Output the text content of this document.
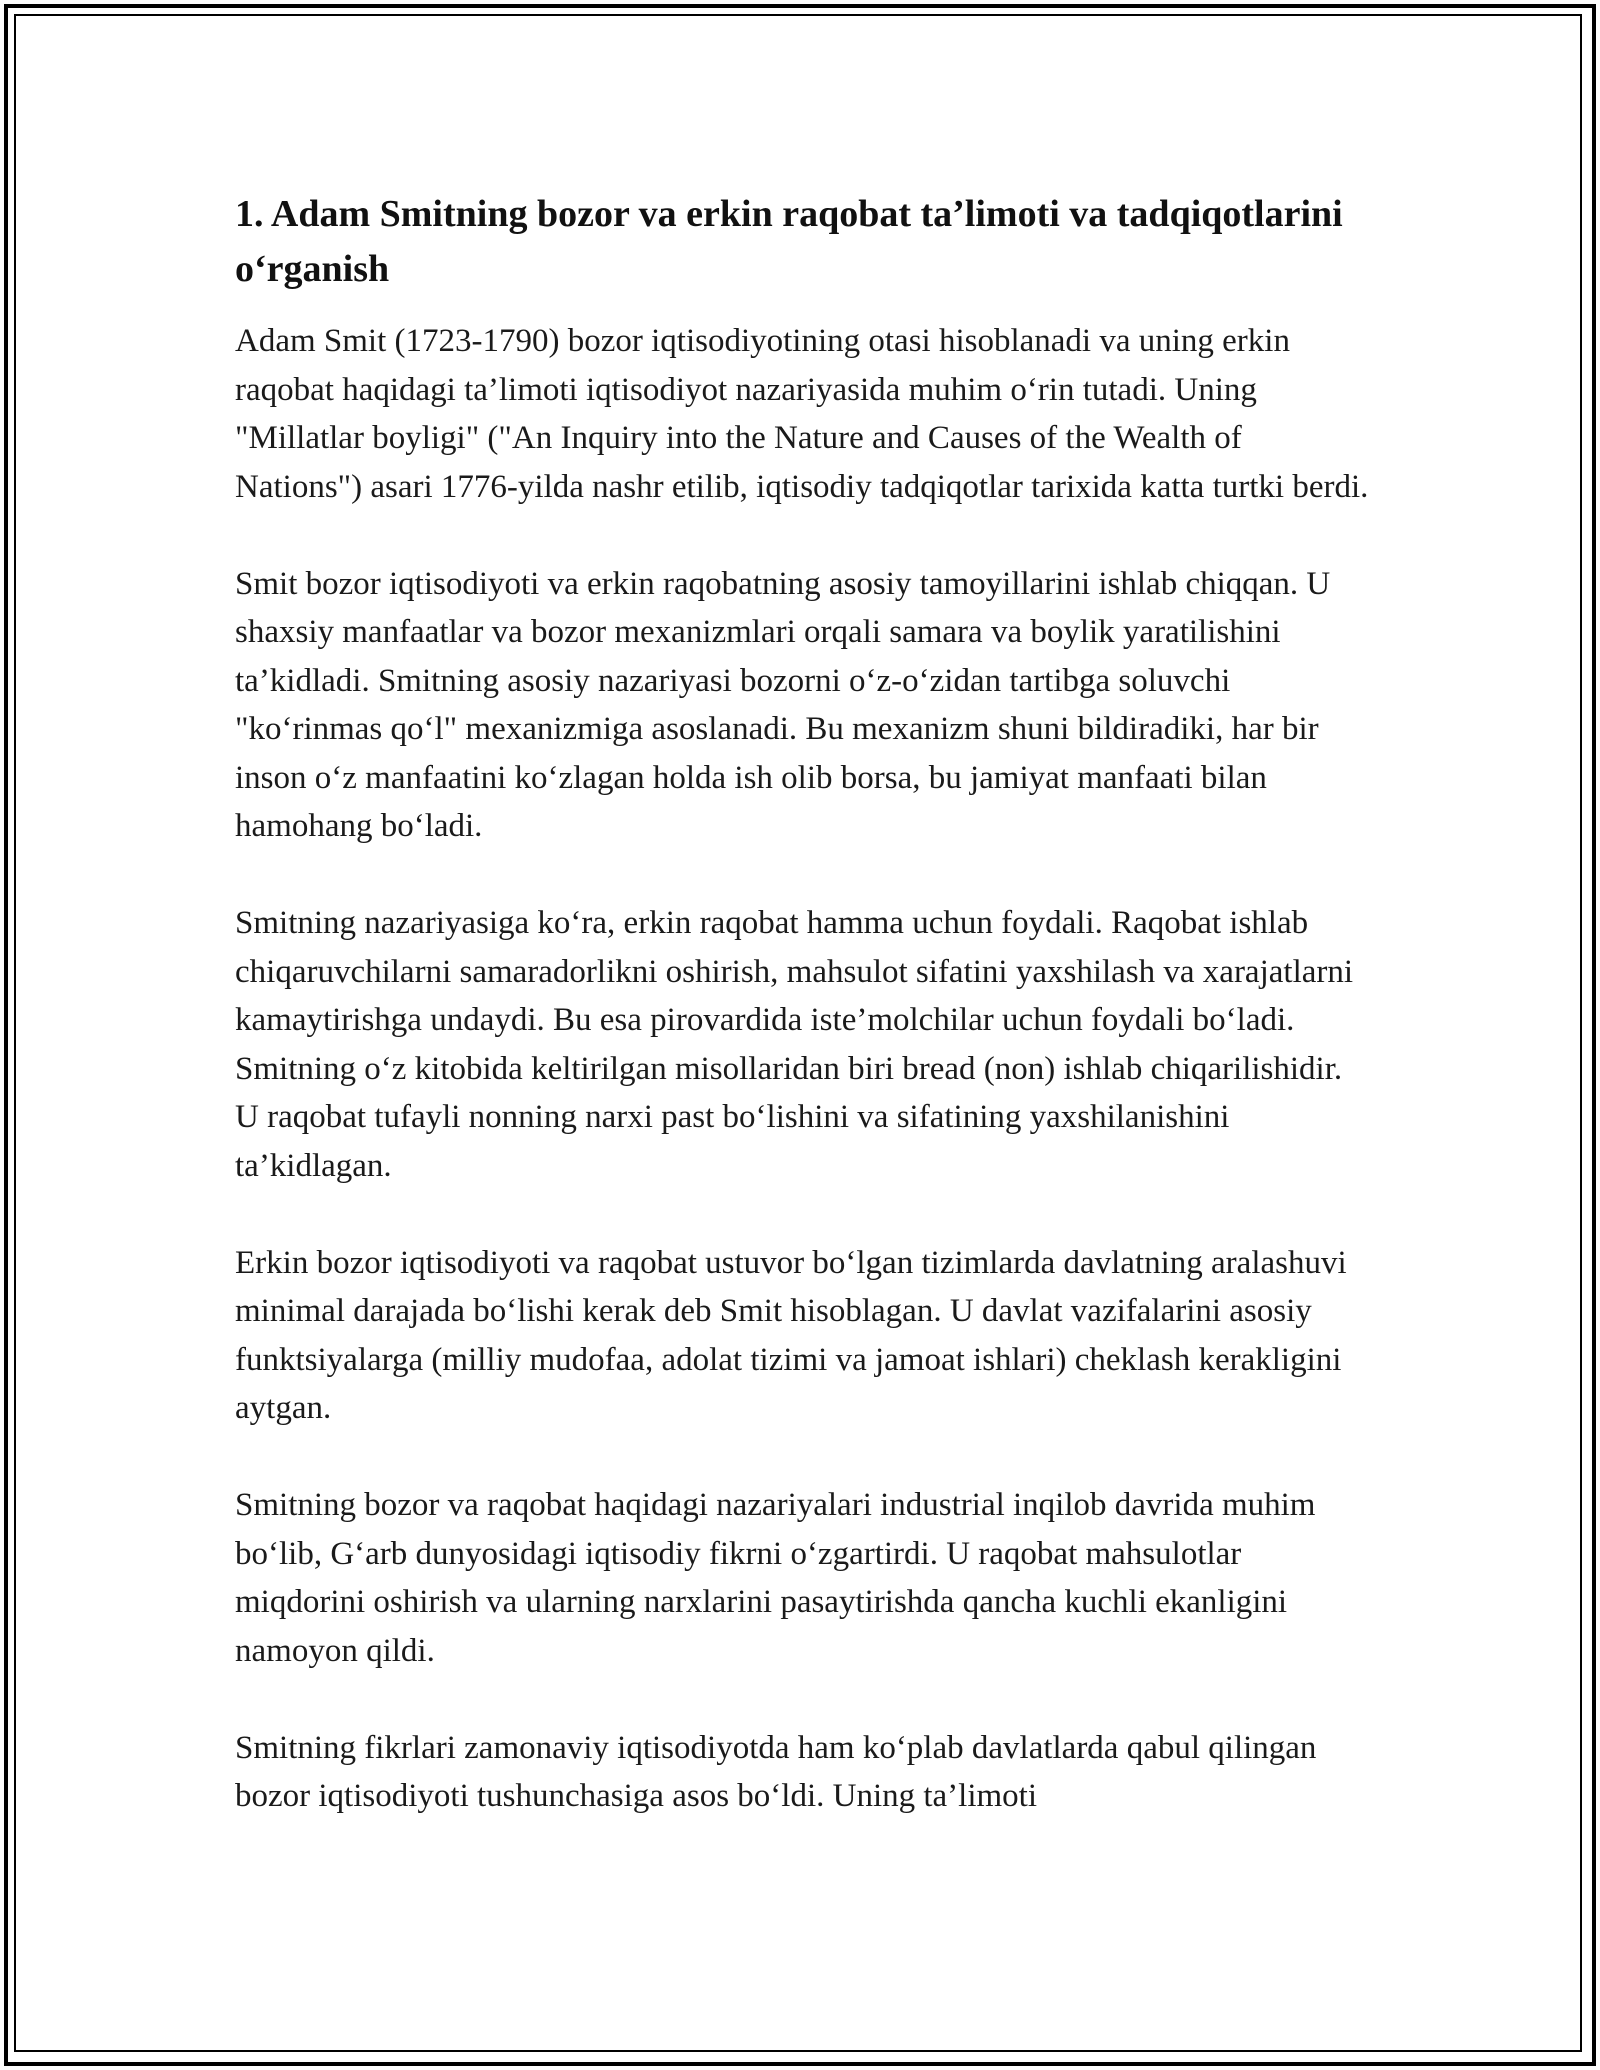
1. Adam Smitning bozor va erkin raqobat ta’limoti va tadqiqotlarini o‘rganish

Adam Smit (1723-1790) bozor iqtisodiyotining otasi hisoblanadi va uning erkin raqobat haqidagi ta’limoti iqtisodiyot nazariyasida muhim o‘rin tutadi. Uning "Millatlar boyligi" ("An Inquiry into the Nature and Causes of the Wealth of Nations") asari 1776-yilda nashr etilib, iqtisodiy tadqiqotlar tarixida katta turtki berdi.

Smit bozor iqtisodiyoti va erkin raqobatning asosiy tamoyillarini ishlab chiqqan. U shaxsiy manfaatlar va bozor mexanizmlari orqali samara va boylik yaratilishini ta’kidladi. Smitning asosiy nazariyasi bozorni o‘z-o‘zidan tartibga soluvchi "ko‘rinmas qo‘l" mexanizmiga asoslanadi. Bu mexanizm shuni bildiradiki, har bir inson o‘z manfaatini ko‘zlagan holda ish olib borsa, bu jamiyat manfaati bilan hamohang bo‘ladi.

Smitning nazariyasiga ko‘ra, erkin raqobat hamma uchun foydali. Raqobat ishlab chiqaruvchilarni samaradorlikni oshirish, mahsulot sifatini yaxshilash va xarajatlarni kamaytirishga undaydi. Bu esa pirovardida iste’molchilar uchun foydali bo‘ladi. Smitning o‘z kitobida keltirilgan misollaridan biri bread (non) ishlab chiqarilishidir. U raqobat tufayli nonning narxi past bo‘lishini va sifatining yaxshilanishini ta’kidlagan.

Erkin bozor iqtisodiyoti va raqobat ustuvor bo‘lgan tizimlarda davlatning aralashuvi minimal darajada bo‘lishi kerak deb Smit hisoblagan. U davlat vazifalarini asosiy funktsiyalarga (milliy mudofaa, adolat tizimi va jamoat ishlari) cheklash kerakligini aytgan.

Smitning bozor va raqobat haqidagi nazariyalari industrial inqilob davrida muhim bo‘lib, G‘arb dunyosidagi iqtisodiy fikrni o‘zgartirdi. U raqobat mahsulotlar miqdorini oshirish va ularning narxlarini pasaytirishda qancha kuchli ekanligini namoyon qildi.

Smitning fikrlari zamonaviy iqtisodiyotda ham ko‘plab davlatlarda qabul qilingan bozor iqtisodiyoti tushunchasiga asos bo‘ldi. Uning ta’limoti
